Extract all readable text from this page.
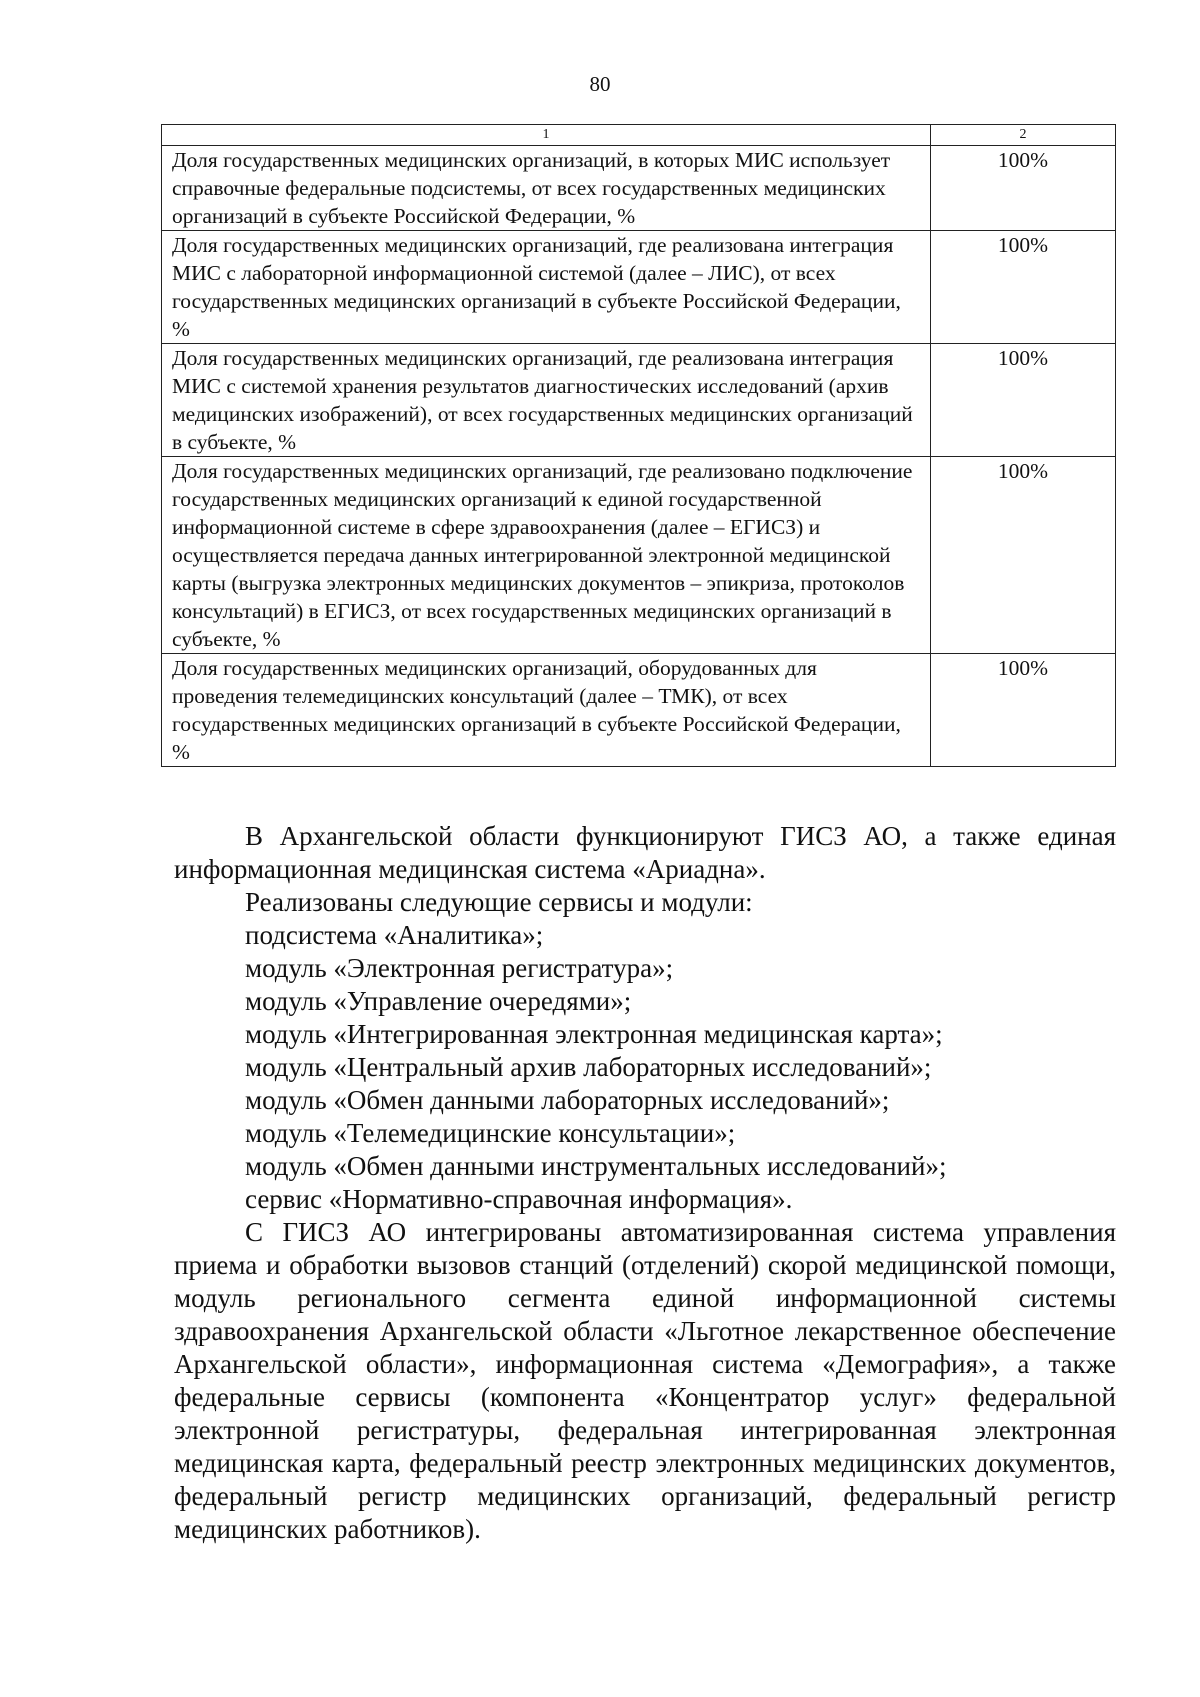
80
1	2
Доля государственных медицинских организаций, в которых МИС использует справочные федеральные подсистемы, от всех государственных медицинских организаций в субъекте Российской Федерации, %	100%
Доля государственных медицинских организаций, где реализована интеграция МИС с лабораторной информационной системой (далее – ЛИС), от всех государственных медицинских организаций в субъекте Российской Федерации, %	100%
Доля государственных медицинских организаций, где реализована интеграция МИС с системой хранения результатов диагностических исследований (архив медицинских изображений), от всех государственных медицинских организаций в субъекте, %	100%
Доля государственных медицинских организаций, где реализовано подключение государственных медицинских организаций к единой государственной информационной системе в сфере здравоохранения (далее – ЕГИСЗ) и осуществляется передача данных интегрированной электронной медицинской карты (выгрузка электронных медицинских документов – эпикриза, протоколов консультаций) в ЕГИСЗ, от всех государственных медицинских организаций в субъекте, %	100%
Доля государственных медицинских организаций, оборудованных для проведения телемедицинских консультаций (далее – ТМК), от всех государственных медицинских организаций в субъекте Российской Федерации, %	100%

В Архангельской области функционируют ГИСЗ АО, а также единая информационная медицинская система «Ариадна».

Реализованы следующие сервисы и модули:

подсистема «Аналитика»;

модуль «Электронная регистратура»;

модуль «Управление очередями»;

модуль «Интегрированная электронная медицинская карта»;

модуль «Центральный архив лабораторных исследований»;

модуль «Обмен данными лабораторных исследований»;

модуль «Телемедицинские консультации»;

модуль «Обмен данными инструментальных исследований»;

сервис «Нормативно-справочная информация».

С ГИСЗ АО интегрированы автоматизированная система управления приема и обработки вызовов станций (отделений) скорой медицинской помощи, модуль регионального сегмента единой информационной системы здравоохранения Архангельской области «Льготное лекарственное обеспечение Архангельской области», информационная система «Демография», а также федеральные сервисы (компонента «Концентратор услуг» федеральной электронной регистратуры, федеральная интегрированная электронная медицинская карта, федеральный реестр электронных медицинских документов, федеральный регистр медицинских организаций, федеральный регистр медицинских работников).
